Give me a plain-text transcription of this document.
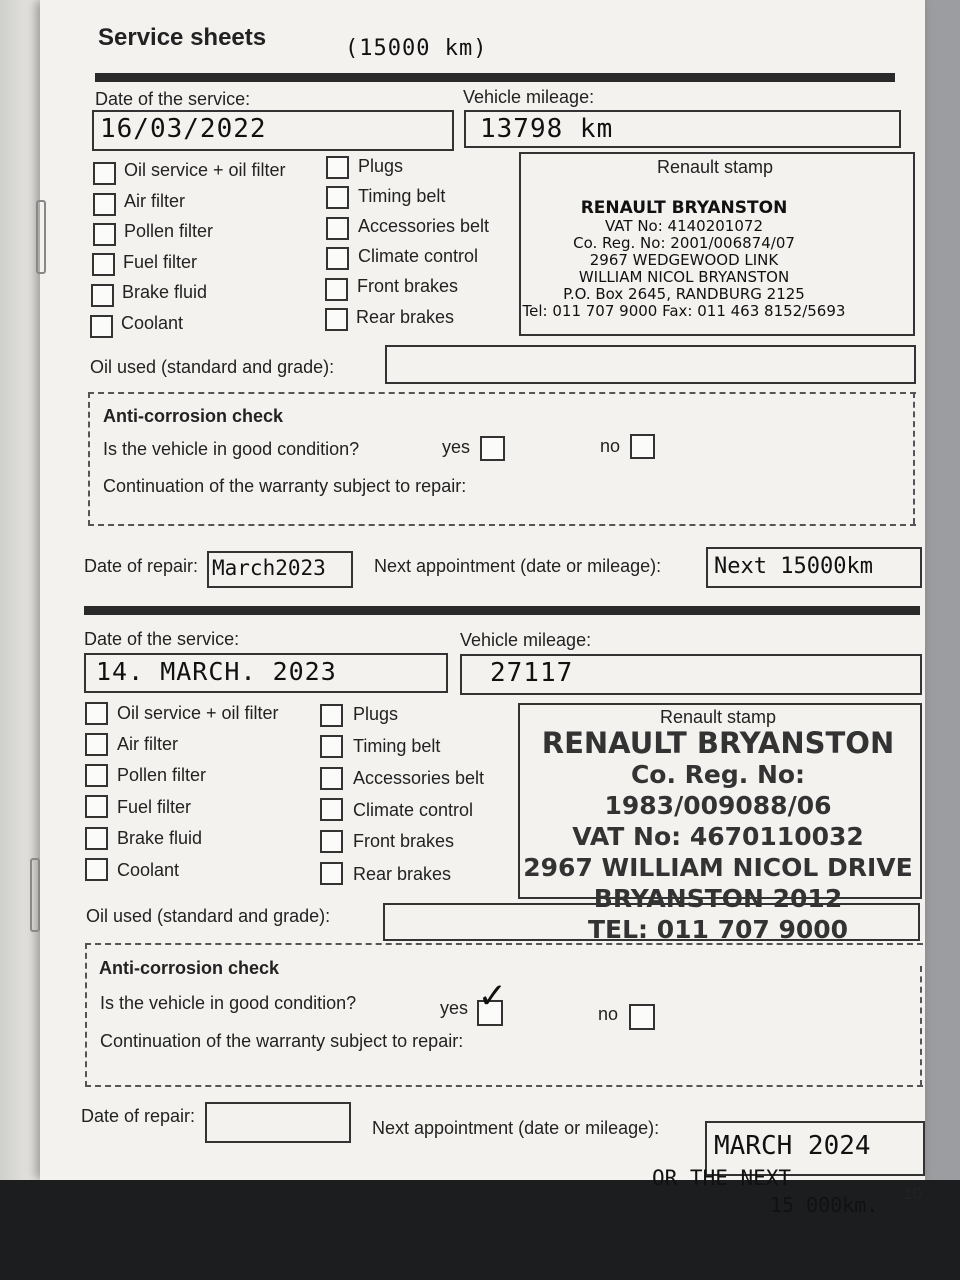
Service sheets	(15000 km)
Date of the service:	Vehicle mileage:
16/03/2022	13798 km
Oil service + oil filter
Air filter
Pollen filter
Fuel filter
Brake fluid
Coolant
Plugs
Timing belt
Accessories belt
Climate control
Front brakes
Rear brakes
Renault stamp
RENAULT BRYANSTON
VAT No: 4140201072
Co. Reg. No: 2001/006874/07
2967 WEDGEWOOD LINK
WILLIAM NICOL BRYANSTON
P.O. Box 2645, RANDBURG 2125
Tel: 011 707 9000 Fax: 011 463 8152/5693
Oil used (standard and grade):
Anti-corrosion check
Is the vehicle in good condition?	yes	no
Continuation of the warranty subject to repair:
Date of repair: March2023	Next appointment (date or mileage): Next 15000km
Date of the service:	Vehicle mileage:
14. MARCH. 2023	27117
Oil service + oil filter
Air filter
Pollen filter
Fuel filter
Brake fluid
Coolant
Plugs
Timing belt
Accessories belt
Climate control
Front brakes
Rear brakes
Renault stamp
RENAULT BRYANSTON
Co. Reg. No: 1983/009088/06
VAT No: 4670110032
2967 WILLIAM NICOL DRIVE
BRYANSTON 2012
TEL: 011 707 9000
Oil used (standard and grade):
Anti-corrosion check
Is the vehicle in good condition?	yes ✓	no
Continuation of the warranty subject to repair:
Date of repair:
Next appointment (date or mileage):
MARCH 2024
OR THE NEXT
15 000km. 10
